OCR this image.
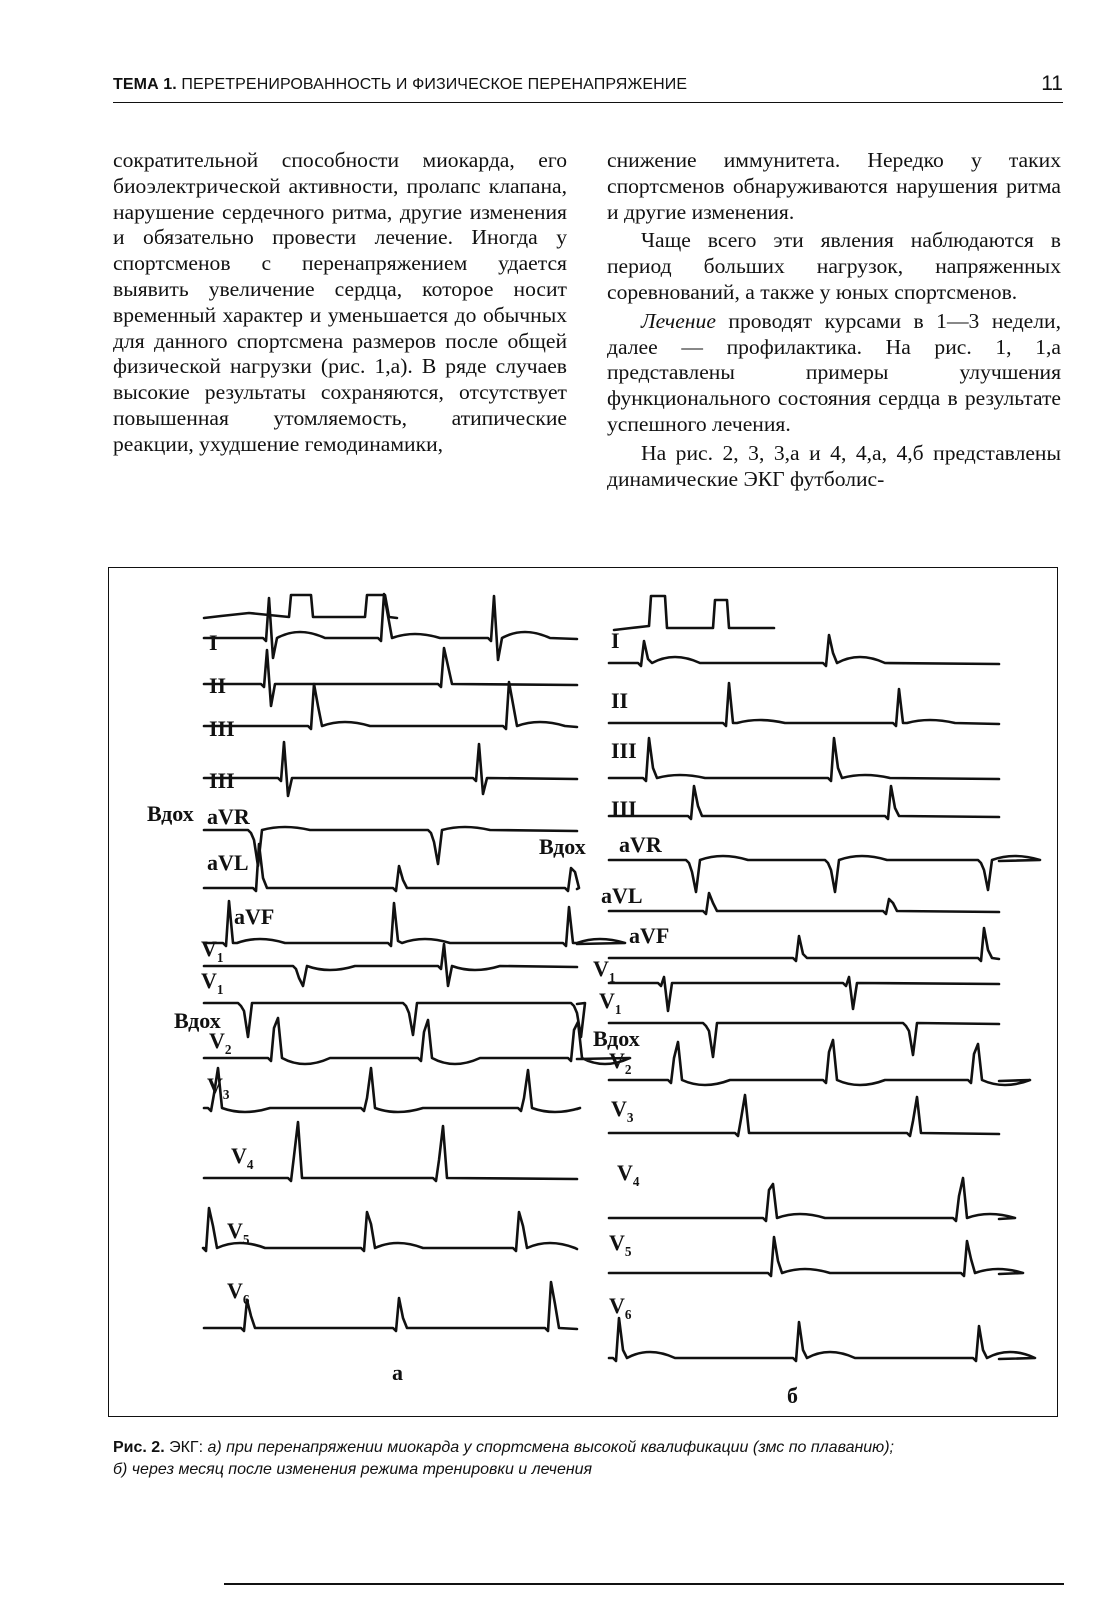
ТЕМА 1. ПЕРЕТРЕНИРОВАННОСТЬ И ФИЗИЧЕСКОЕ ПЕРЕНАПРЯЖЕНИЕ	11

сократительной способности миокарда, его биоэлектрической активности, пролапс клапана, нарушение сердечного ритма, другие изменения и обязательно провести лечение. Иногда у спортсменов с перенапряжением удается выявить увеличение сердца, которое носит временный характер и уменьшается до обычных для данного спортсмена размеров после общей физической нагрузки (рис. 1,а). В ряде случаев высокие результаты сохраняются, отсутствует повышенная утомляемость, атипические реакции, ухудшение гемодинамики,

снижение иммунитета. Нередко у таких спортсменов обнаруживаются нарушения ритма и другие изменения.

Чаще всего эти явления наблюдаются в период больших нагрузок, напряженных соревнований, а также у юных спортсменов.

Лечение проводят курсами в 1—3 недели, далее — профилактика. На рис. 1, 1,а представлены примеры улучшения функционального состояния сердца в результате успешного лечения.

На рис. 2, 3, 3,а и 4, 4,а, 4,б представлены динамические ЭКГ футболис-

I
II
III
III
Вдох aVR
aVL
aVF
$V_1$
$V_1$
Вдох
$V_2$
$V_3$
$V_4$
$V_5$
$V_6$
I
II
III
III
Вдох aVR
aVL
aVF
$V_1$
$V_1$
Вдох
$V_2$
$V_3$
$V_4$
$V_5$
$V_6$
а
б
Рис. 2. ЭКГ: а) при перенапряжении миокарда у спортсмена высокой квалификации (змс по плаванию);
б) через месяц после изменения режима тренировки и лечения
